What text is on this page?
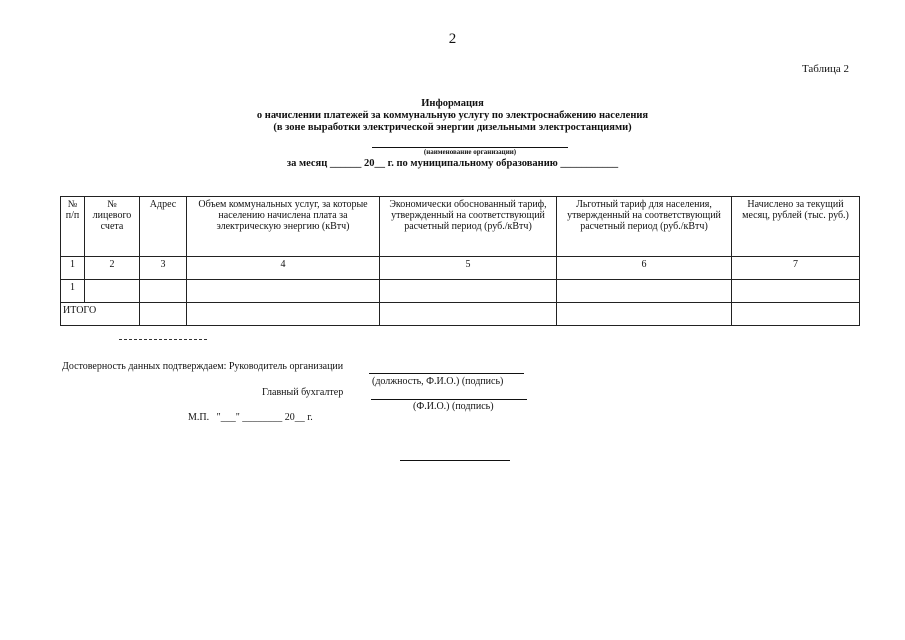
2
Таблица 2
Информация
о начислении платежей за коммунальную услугу по электроснабжению населения
(в зоне выработки электрической энергии дизельными электростанциями)
(наименование организации)
за месяц ______ 20__ г. по муниципальному образованию ___________
№ п/п	№ лицевого счета	Адрес	Объем коммунальных услуг, за которые населению начислена плата за электрическую энергию (кВтч)	Экономически обоснованный тариф, утвержденный на соответствующий расчетный период (руб./кВтч)	Льготный тариф для населения, утвержденный на соответствующий расчетный период (руб./кВтч)	Начислено за текущий месяц, рублей (тыс. руб.)
1	2	3	4	5	6	7
1						
ИТОГО						
Достоверность данных подтверждаем: Руководитель организации
(должность, Ф.И.О.) (подпись)
Главный бухгалтер
(Ф.И.О.) (подпись)
М.П.   "___" ________ 20__ г.
